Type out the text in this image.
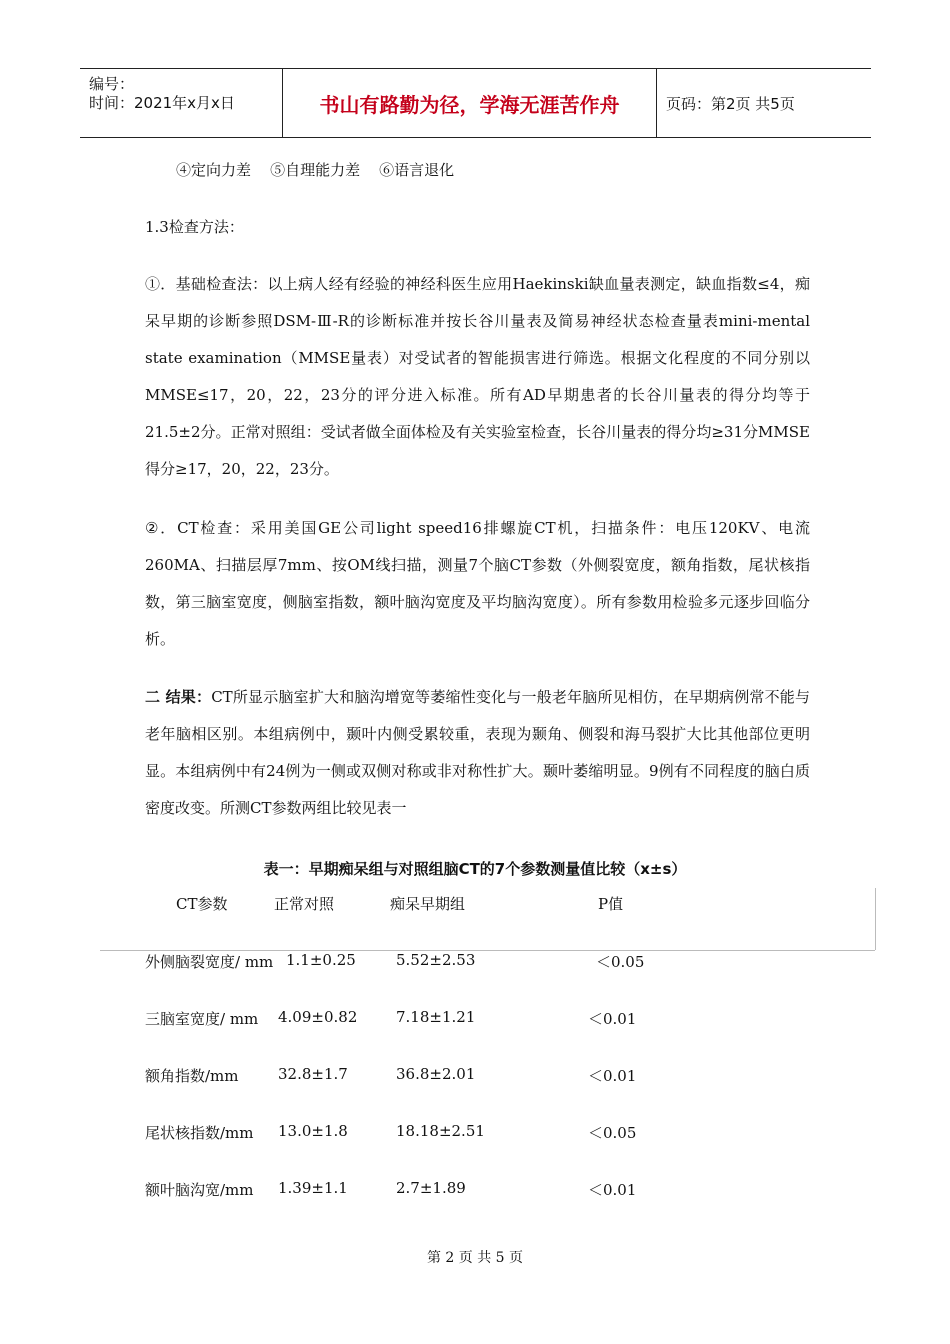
编号：
时间：2021年x月x日	书山有路勤为径，学海无涯苦作舟	页码：第2页 共5页
④定向力差    ⑤自理能力差    ⑥语言退化
1.3检查方法：
①．基础检查法：以上病人经有经验的神经科医生应用Haekinski缺血量表测定，缺血指数≤4，痴呆早期的诊断参照DSM-Ⅲ-R的诊断标准并按长谷川量表及简易神经状态检查量表mini-mental state examination（MMSE量表）对受试者的智能损害进行筛选。根据文化程度的不同分别以MMSE≤17，20，22，23分的评分进入标准。所有AD早期患者的长谷川量表的得分均等于21.5±2分。正常对照组：受试者做全面体检及有关实验室检查，长谷川量表的得分均≥31分MMSE得分≥17，20，22，23分。
②．CT检查：采用美国GE公司light speed16排螺旋CT机，扫描条件：电压120KV、电流260MA、扫描层厚7mm、按OM线扫描，测量7个脑CT参数（外侧裂宽度，额角指数，尾状核指数，第三脑室宽度，侧脑室指数，额叶脑沟宽度及平均脑沟宽度）。所有参数用检验多元逐步回临分析。
二 结果：CT所显示脑室扩大和脑沟增宽等萎缩性变化与一般老年脑所见相仿，在早期病例常不能与老年脑相区别。本组病例中，颞叶内侧受累较重，表现为颞角、侧裂和海马裂扩大比其他部位更明显。本组病例中有24例为一侧或双侧对称或非对称性扩大。颞叶萎缩明显。9例有不同程度的脑白质密度改变。所测CT参数两组比较见表一
表一：早期痴呆组与对照组脑CT的7个参数测量值比较（x±s）
CT参数	正常对照	痴呆早期组	P值
外侧脑裂宽度/ mm 1.1±0.25	5.52±2.53	＜0.05
三脑室宽度/ mm 4.09±0.82	7.18±1.21	＜0.01
额角指数/mm	32.8±1.7	36.8±2.01	＜0.01
尾状核指数/mm 13.0±1.8	18.18±2.51	＜0.05
额叶脑沟宽/mm 1.39±1.1	2.7±1.89	＜0.01
第 2 页 共 5 页
